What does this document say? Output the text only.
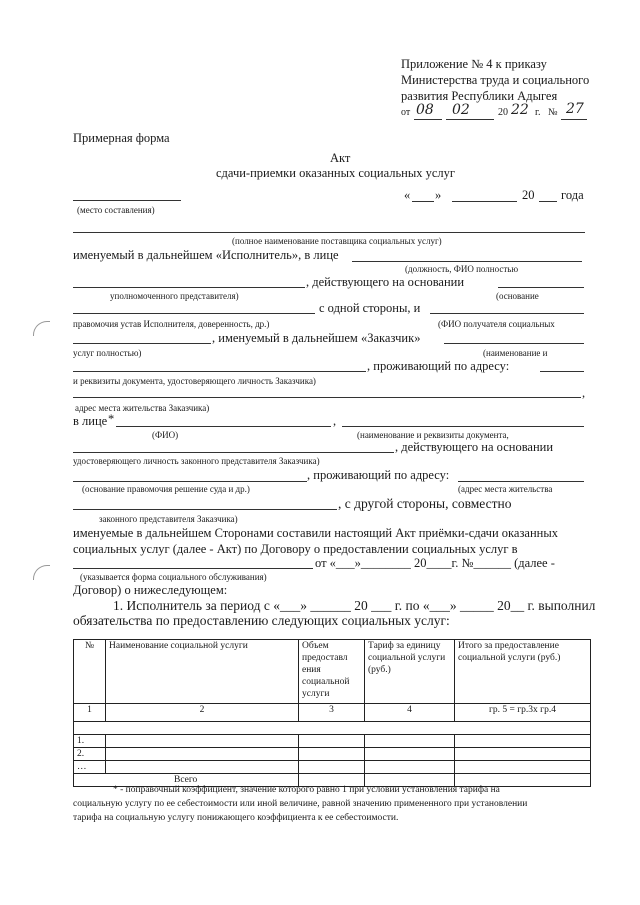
Приложение № 4 к приказу
Министерства труда и социального
развития Республики Адыгея
от 08 02	20 22 г. № 27
Примерная форма
Акт
сдачи-приемки оказанных социальных услуг
« »	20 года
(место составления)
(полное наименование поставщика социальных услуг)
именуемый в дальнейшем «Исполнитель», в лице
(должность, ФИО полностью
, действующего на основании
уполномоченного представителя)	(основание
с одной стороны, и
правомочия устав Исполнителя, доверенность, др.)	(ФИО получателя социальных
, именуемый в дальнейшем «Заказчик»
услуг полностью)	(наименование и
, проживающий по адресу:
и реквизиты документа, удостоверяющего личность Заказчика)
,
адрес места жительства Заказчика)
в лице *	,
(ФИО)	(наименование и реквизиты документа,
, действующего на основании
удостоверяющего личность законного представителя Заказчика)
, проживающий по адресу:
(основание правомочия решение суда и др.)	(адрес места жительства
, с другой стороны, совместно
законного представителя Заказчика)
именуемые в дальнейшем Сторонами составили настоящий Акт приёмки-сдачи оказанных
социальных услуг (далее - Акт) по Договору о предоставлении социальных услуг в
от «___»________ 20____г. №______ (далее -
(указывается форма социального обслуживания)
Договор) о нижеследующем:
1. Исполнитель за период с «___» ______ 20 ___ г. по «___» _____ 20__ г. выполнил
обязательства по предоставлению следующих социальных услуг:
№	Наименование социальной услуги	Объем предоставл ения социальной услуги	Тариф за единицу социальной услуги (руб.)	Итого за предоставление социальной услуги (руб.)
1	2	3	4	гр. 5 = гр.3х гр.4

1.				
2.				
…				
Всего				
* - поправочный коэффициент, значение которого равно 1 при условии установления тарифа на
социальную услугу по ее себестоимости или иной величине, равной значению примененного при установлении
тарифа на социальную услугу понижающего коэффициента к ее себестоимости.
